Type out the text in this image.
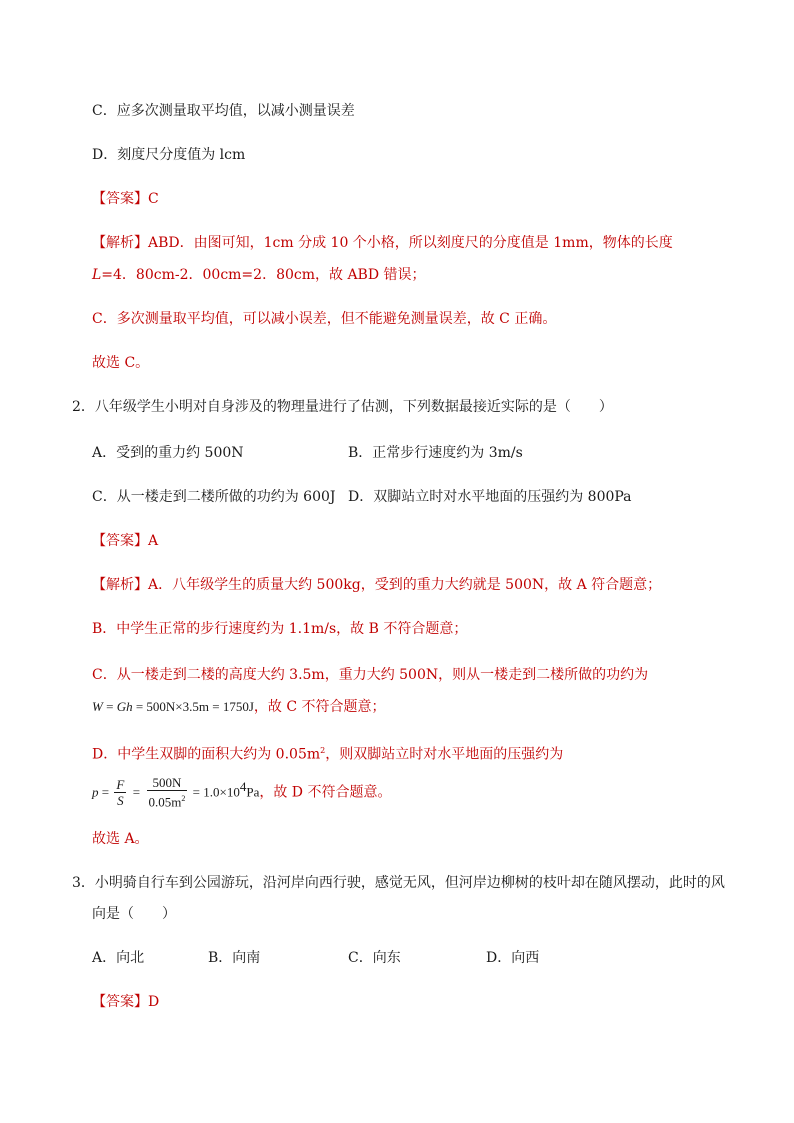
C．应多次测量取平均值，以减小测量误差
D．刻度尺分度值为 lcm
【答案】C
【解析】ABD．由图可知，1cm 分成 10 个小格，所以刻度尺的分度值是 1mm，物体的长度
L=4．80cm-2．00cm=2．80cm，故 ABD 错误；
C．多次测量取平均值，可以减小误差，但不能避免测量误差，故 C 正确。
故选 C。
2．八年级学生小明对自身涉及的物理量进行了估测，下列数据最接近实际的是（　　）
A．受到的重力约 500N	B．正常步行速度约为 3m/s
C．从一楼走到二楼所做的功约为 600J D．双脚站立时对水平地面的压强约为 800Pa
【答案】A
【解析】A．八年级学生的质量大约 500kg，受到的重力大约就是 500N，故 A 符合题意；
B．中学生正常的步行速度约为 1.1m/s，故 B 不符合题意；
C．从一楼走到二楼的高度大约 3.5m，重力大约 500N，则从一楼走到二楼所做的功约为
W = Gh = 500N×3.5m = 1750J，故 C 不符合题意；
D．中学生双脚的面积大约为 $0.05m^2$，则双脚站立时对水平地面的压强约为
$p = \frac{F}{S} = \frac{500N}{0.05m^2} = 1.0\times 10^4Pa$，故 D 不符合题意。
故选 A。
3．小明骑自行车到公园游玩，沿河岸向西行驶，感觉无风，但河岸边柳树的枝叶却在随风摆动，此时的风
向是（　　）
A．向北	B．向南	C．向东	D．向西
【答案】D
